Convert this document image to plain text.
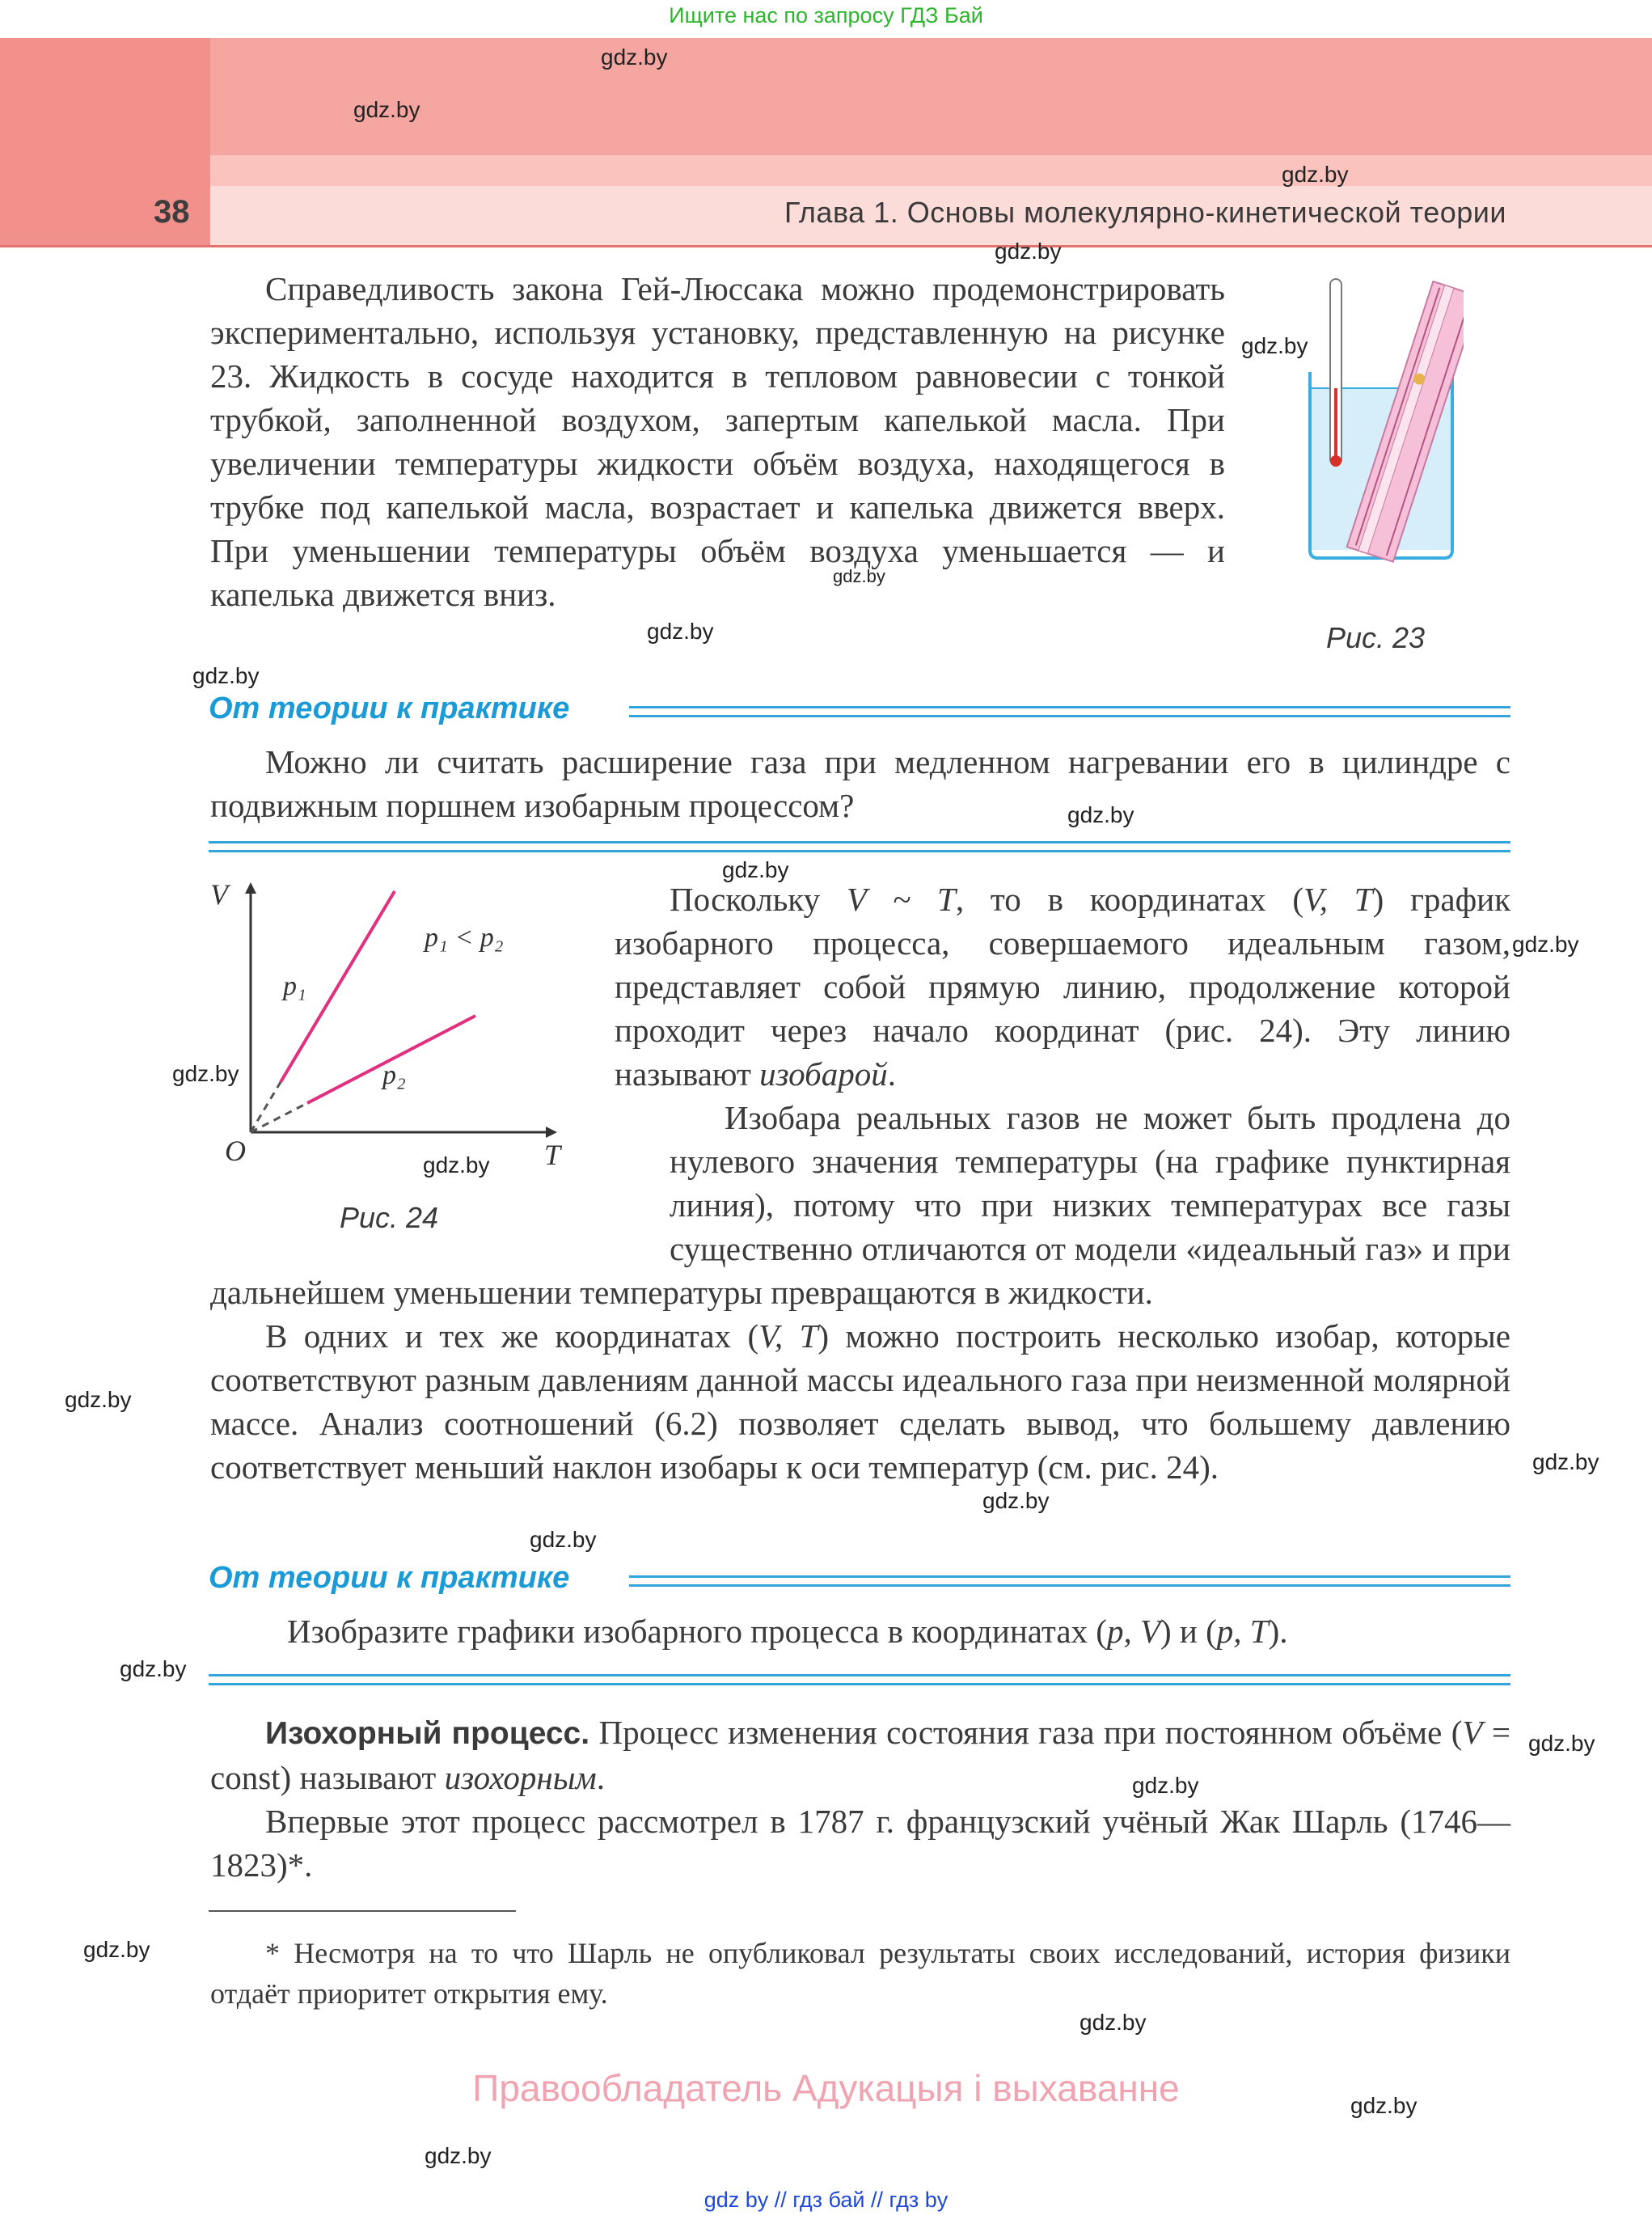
Ищите нас по запросу ГДЗ Бай
38	Глава 1. Основы молекулярно-кинетической теории

Справедливость закона Гей-Люссака можно продемонстрировать экспериментально, используя установку, представленную на рисунке 23. Жидкость в сосуде находится в тепловом равновесии с тонкой трубкой, заполненной воздухом, запертым капелькой масла. При увеличении температуры жидкости объём воздуха, находящегося в трубке под капелькой масла, возрастает и капелька движется вверх. При уменьшении температуры объём воздуха уменьшается — и капелька движется вниз.

Рис. 23
От теории к практике

Можно ли считать расширение газа при медленном нагревании его в цилиндре с подвижным поршнем изобарным процессом?

V
T
O
p₁
p₂
p₁ < p₂
Рис. 24

Поскольку V ~ T, то в координатах (V, T) график изобарного процесса, совершаемого идеальным газом, представляет собой прямую линию, продолжение которой проходит через начало координат (рис. 24). Эту линию называют изобарой.

Изобара реальных газов не может быть продлена до нулевого значения температуры (на графике пунктирная линия), потому что при низких температурах все газы существенно отличаются от модели «идеальный газ» и при дальнейшем уменьшении температуры превращаются в жидкости.

В одних и тех же координатах (V, T) можно построить несколько изобар, которые соответствуют разным давлениям данной массы идеального газа при неизменной молярной массе. Анализ соотношений (6.2) позволяет сделать вывод, что большему давлению соответствует меньший наклон изобары к оси температур (см. рис. 24).

От теории к практике

Изобразите графики изобарного процесса в координатах (p, V) и (p, T).

Изохорный процесс. Процесс изменения состояния газа при постоянном объёме (V = const) называют изохорным.

Впервые этот процесс рассмотрел в 1787 г. французский учёный Жак Шарль (1746—1823)*.

* Несмотря на то что Шарль не опубликовал результаты своих исследований, история физики отдаёт приоритет открытия ему.

Правообладатель Адукацыя і выхаванне
gdz by // гдз бай // гдз by
gdz.by
gdz.by
gdz.by
gdz.by
gdz.by
gdz.by
gdz.by
gdz.by
gdz.by
gdz.by
gdz.by
gdz.by
gdz.by
gdz.by
gdz.by
gdz.by
gdz.by
gdz.by
gdz.by
gdz.by
gdz.by
gdz.by
gdz.by
gdz.by
